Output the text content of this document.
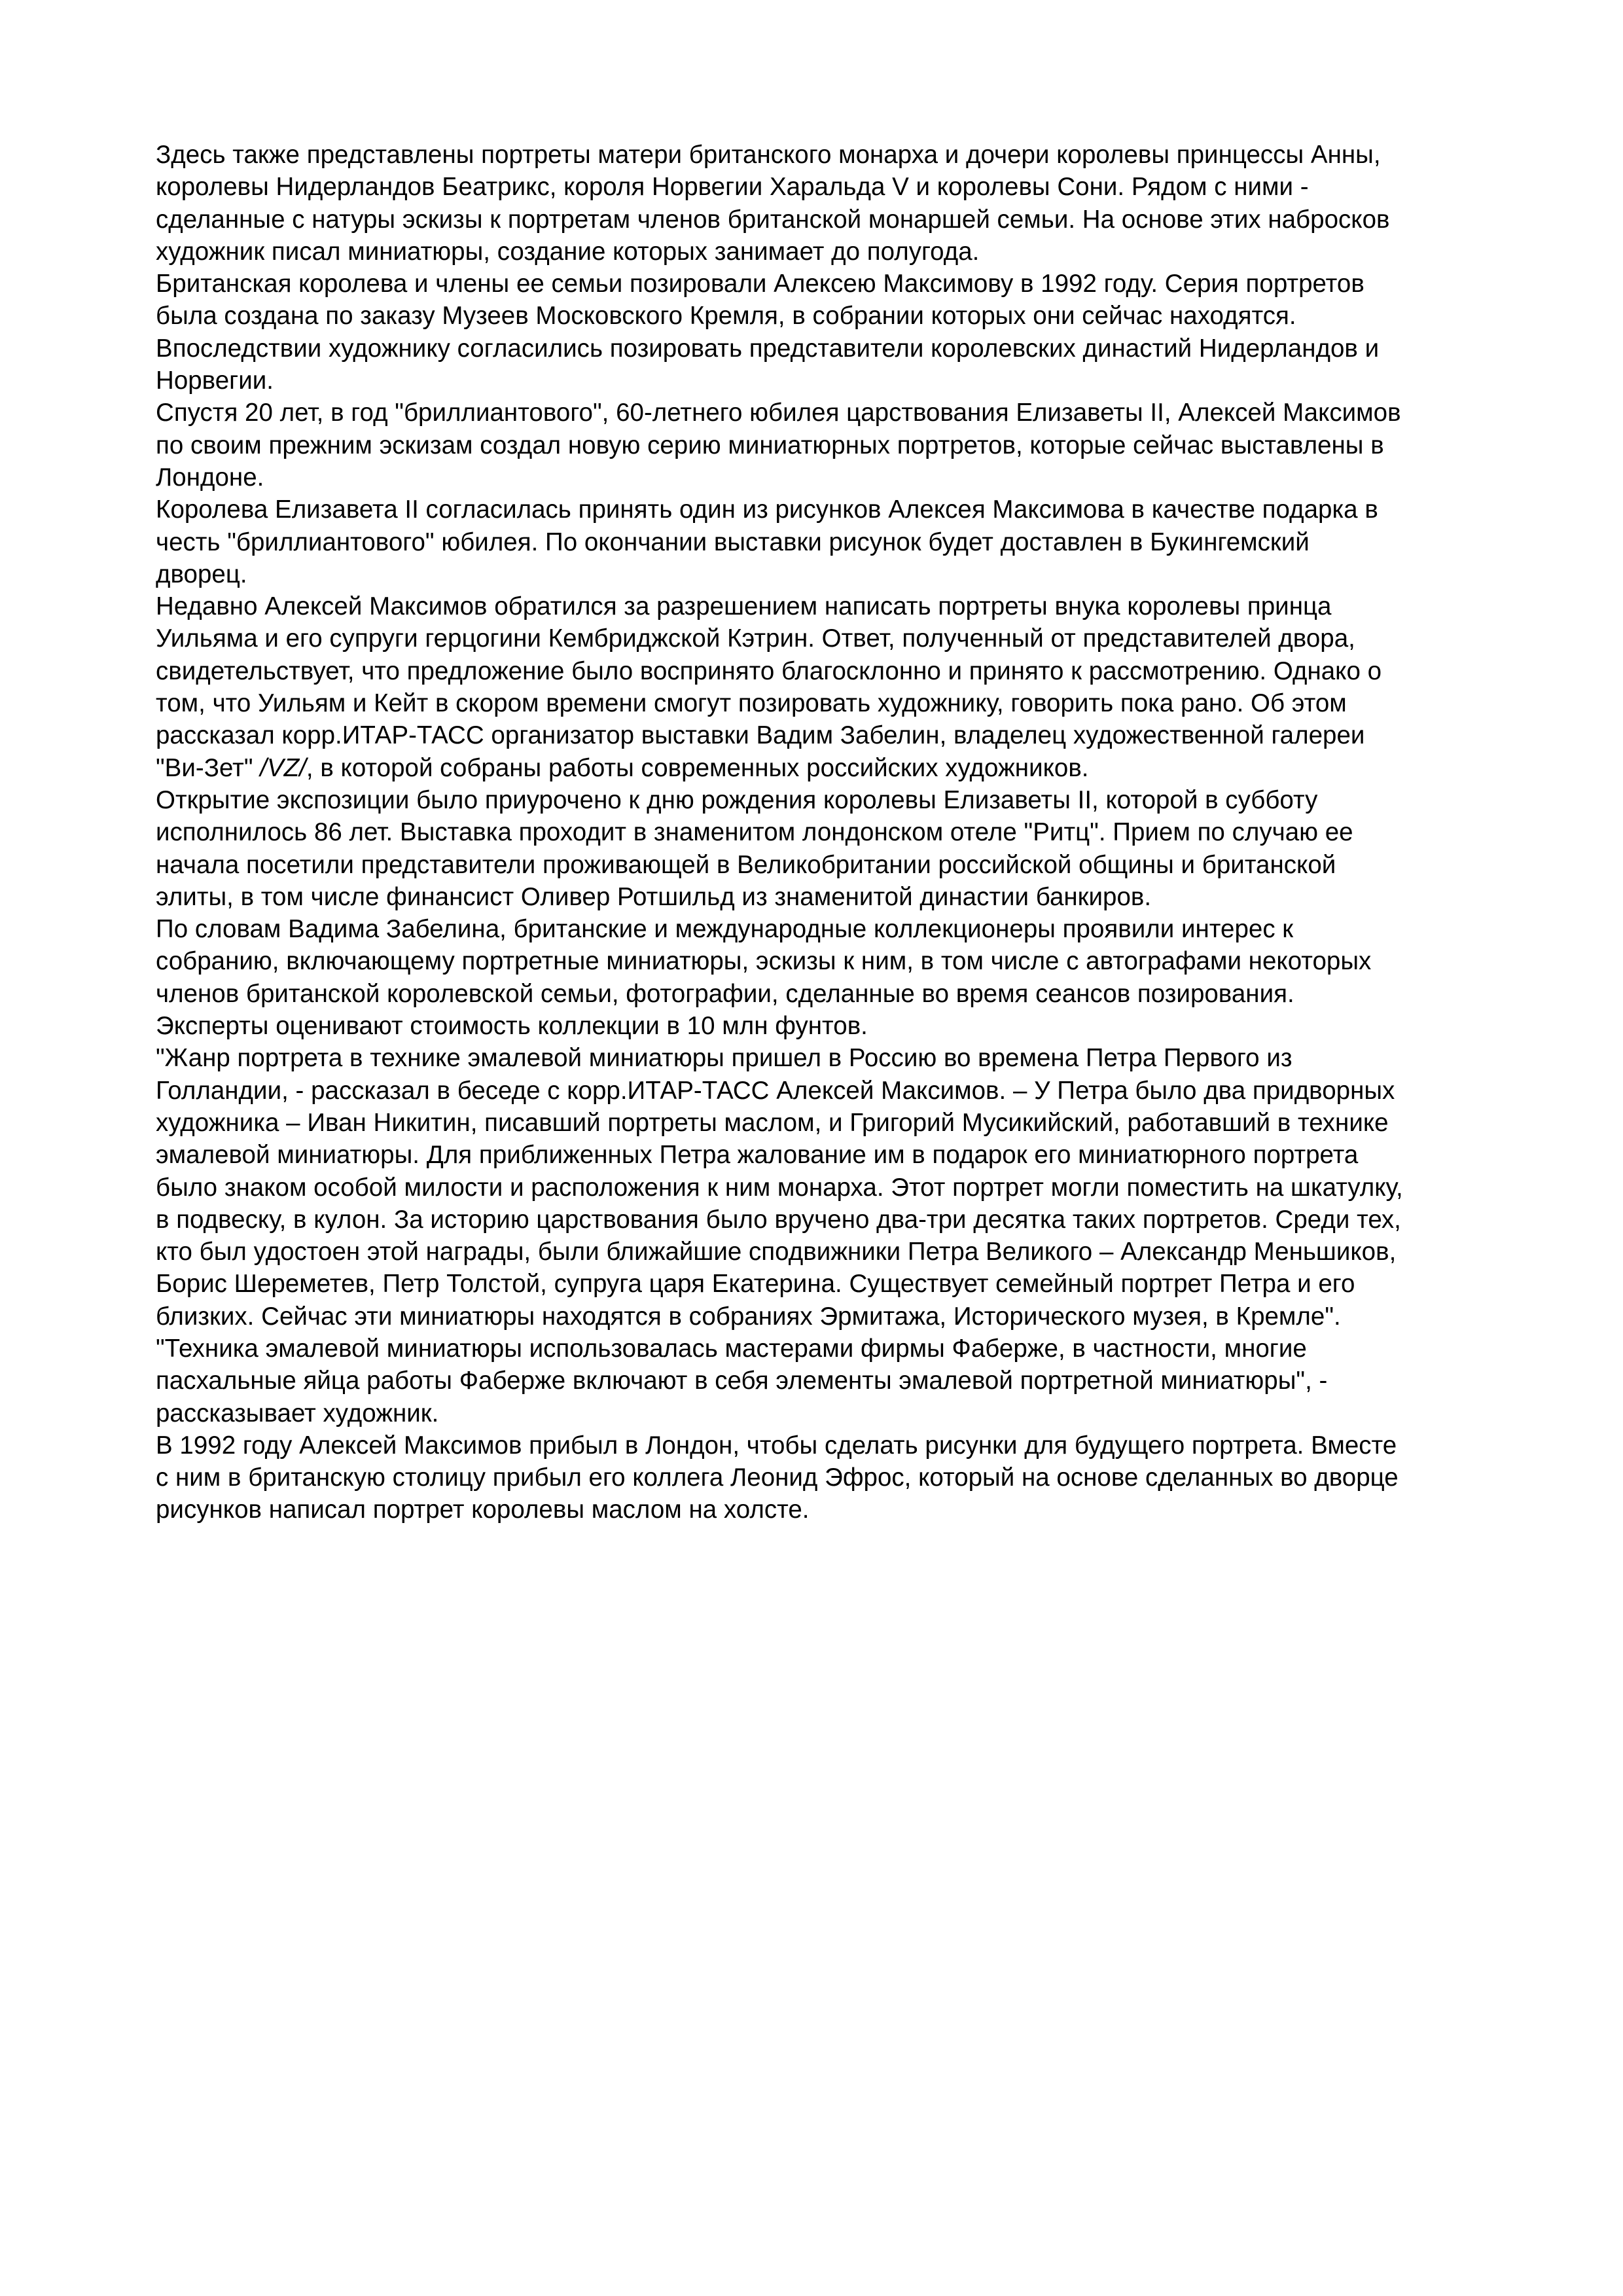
Здесь также представлены портреты матери британского монарха и дочери королевы принцессы Анны, королевы Нидерландов Беатрикс, короля Норвегии Харальда V и королевы Сони. Рядом с ними - сделанные с натуры эскизы к портретам членов британской монаршей семьи. На основе этих набросков художник писал миниатюры, создание которых занимает до полугода.

Британская королева и члены ее семьи позировали Алексею Максимову в 1992 году. Серия портретов была создана по заказу Музеев Московского Кремля, в собрании которых они сейчас находятся. Впоследствии художнику согласились позировать представители королевских династий Нидерландов и Норвегии.

Спустя 20 лет, в год "бриллиантового", 60-летнего юбилея царствования Елизаветы II, Алексей Максимов по своим прежним эскизам создал новую серию миниатюрных портретов, которые сейчас выставлены в Лондоне.

Королева Елизавета II согласилась принять один из рисунков Алексея Максимова в качестве подарка в честь "бриллиантового" юбилея. По окончании выставки рисунок будет доставлен в Букингемский дворец.

Недавно Алексей Максимов обратился за разрешением написать портреты внука королевы принца Уильяма и его супруги герцогини Кембриджской Кэтрин. Ответ, полученный от представителей двора, свидетельствует, что предложение было воспринято благосклонно и принято к рассмотрению. Однако о том, что Уильям и Кейт в скором времени смогут позировать художнику, говорить пока рано. Об этом рассказал корр.ИТАР-ТАСС организатор выставки Вадим Забелин, владелец художественной галереи "Ви-Зет" /VZ/, в которой собраны работы современных российских художников.

Открытие экспозиции было приурочено к дню рождения королевы Елизаветы II, которой в субботу исполнилось 86 лет. Выставка проходит в знаменитом лондонском отеле "Ритц". Прием по случаю ее начала посетили представители проживающей в Великобритании российской общины и британской элиты, в том числе финансист Оливер Ротшильд из знаменитой династии банкиров.

По словам Вадима Забелина, британские и международные коллекционеры проявили интерес к собранию, включающему портретные миниатюры, эскизы к ним, в том числе с автографами некоторых членов британской королевской семьи, фотографии, сделанные во время сеансов позирования. Эксперты оценивают стоимость коллекции в 10 млн фунтов.

"Жанр портрета в технике эмалевой миниатюры пришел в Россию во времена Петра Первого из Голландии, - рассказал в беседе с корр.ИТАР-ТАСС Алексей Максимов. – У Петра было два придворных художника – Иван Никитин, писавший портреты маслом, и Григорий Мусикийский, работавший в технике эмалевой миниатюры. Для приближенных Петра жалование им в подарок его миниатюрного портрета было знаком особой милости и расположения к ним монарха. Этот портрет могли поместить на шкатулку, в подвеску, в кулон. За историю царствования было вручено два-три десятка таких портретов. Среди тех, кто был удостоен этой награды, были ближайшие сподвижники Петра Великого – Александр Меньшиков, Борис Шереметев, Петр Толстой, супруга царя Екатерина. Существует семейный портрет Петра и его близких. Сейчас эти миниатюры находятся в собраниях Эрмитажа, Исторического музея, в Кремле".

"Техника эмалевой миниатюры использовалась мастерами фирмы Фаберже, в частности, многие пасхальные яйца работы Фаберже включают в себя элементы эмалевой портретной миниатюры", - рассказывает художник.

В 1992 году Алексей Максимов прибыл в Лондон, чтобы сделать рисунки для будущего портрета. Вместе с ним в британскую столицу прибыл его коллега Леонид Эфрос, который на основе сделанных во дворце рисунков написал портрет королевы маслом на холсте.
